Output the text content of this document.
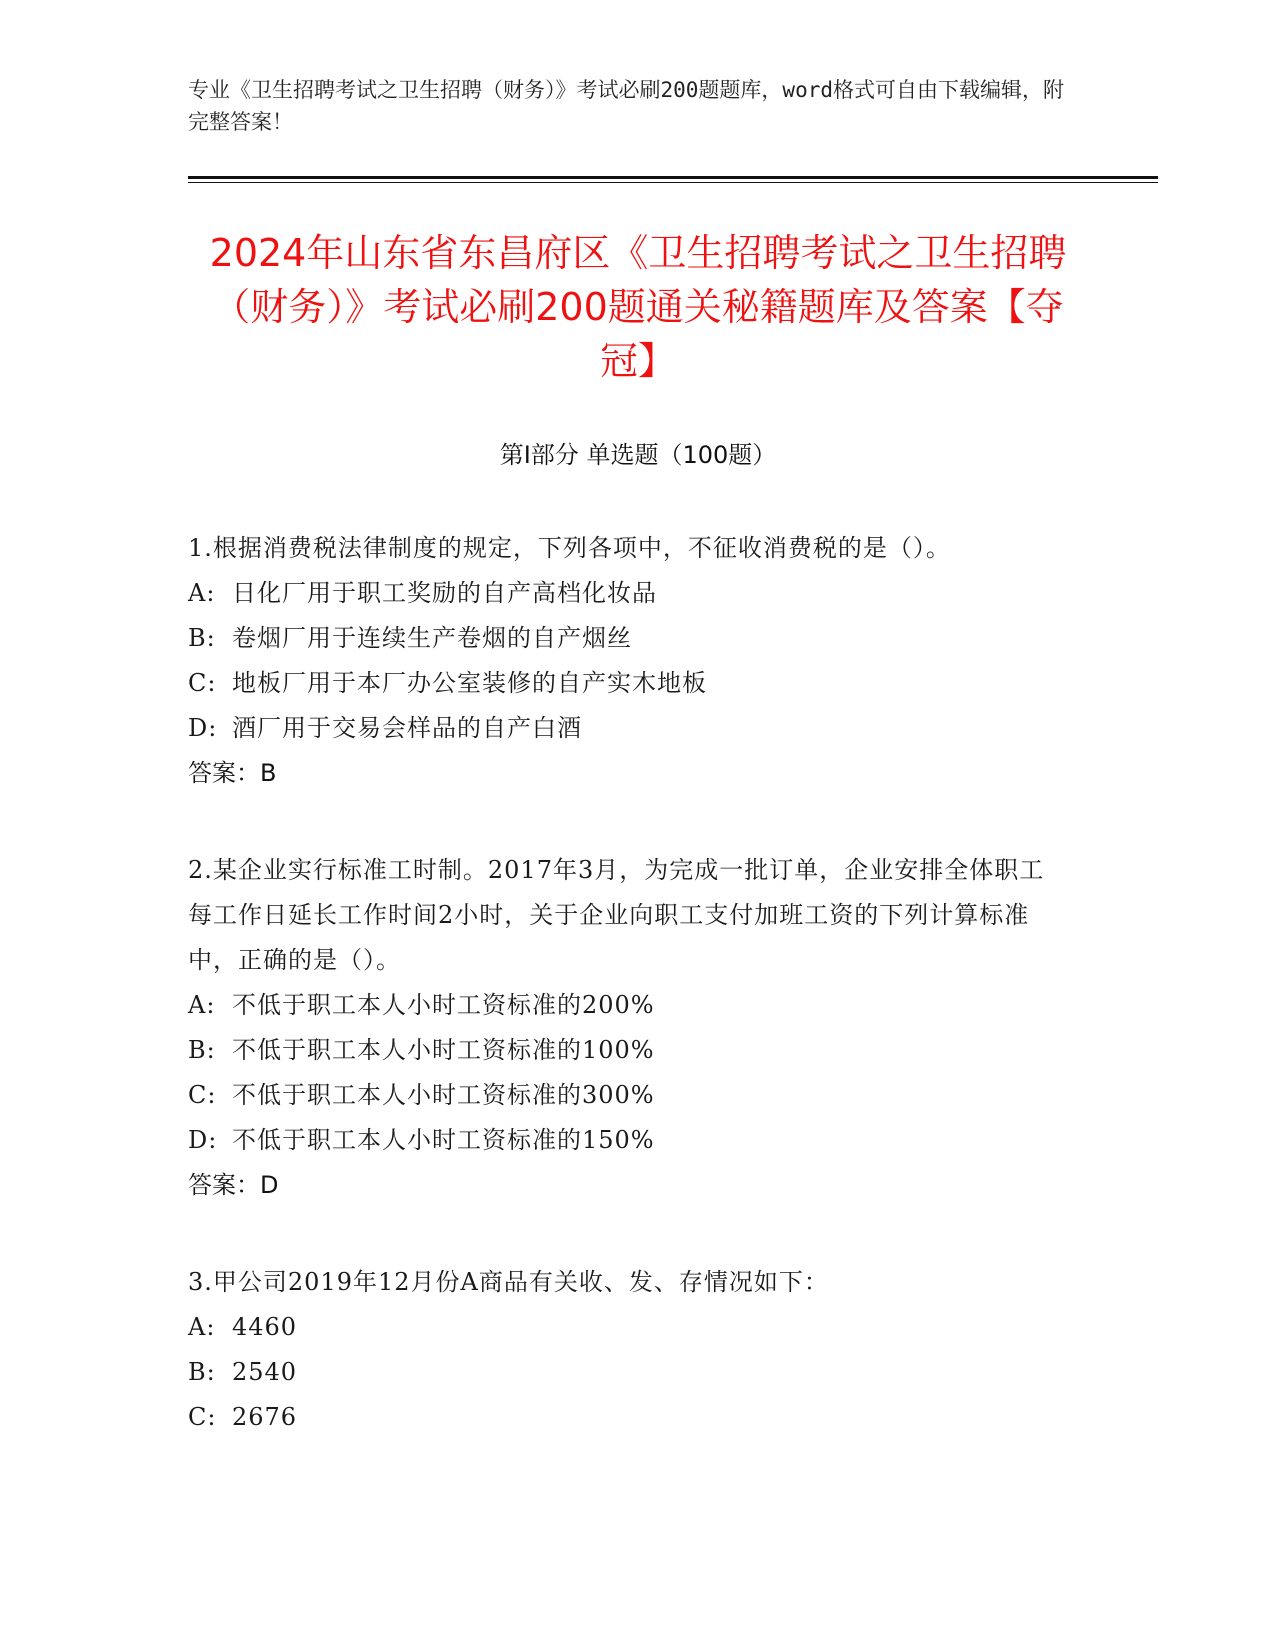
专业《卫生招聘考试之卫生招聘（财务）》考试必刷200题题库，word格式可自由下载编辑，附完整答案！
2024年山东省东昌府区《卫生招聘考试之卫生招聘（财务）》考试必刷200题通关秘籍题库及答案【夺冠】
第I部分 单选题（100题）
1.根据消费税法律制度的规定，下列各项中，不征收消费税的是（）。
A: 日化厂用于职工奖励的自产高档化妆品
B: 卷烟厂用于连续生产卷烟的自产烟丝
C: 地板厂用于本厂办公室装修的自产实木地板
D: 酒厂用于交易会样品的自产白酒
答案：B
2.某企业实行标准工时制。2017年3月，为完成一批订单，企业安排全体职工每工作日延长工作时间2小时，关于企业向职工支付加班工资的下列计算标准中，正确的是（）。
A: 不低于职工本人小时工资标准的200%
B: 不低于职工本人小时工资标准的100%
C: 不低于职工本人小时工资标准的300%
D: 不低于职工本人小时工资标准的150%
答案：D
3.甲公司2019年12月份A商品有关收、发、存情况如下：
A: 4460
B: 2540
C: 2676
